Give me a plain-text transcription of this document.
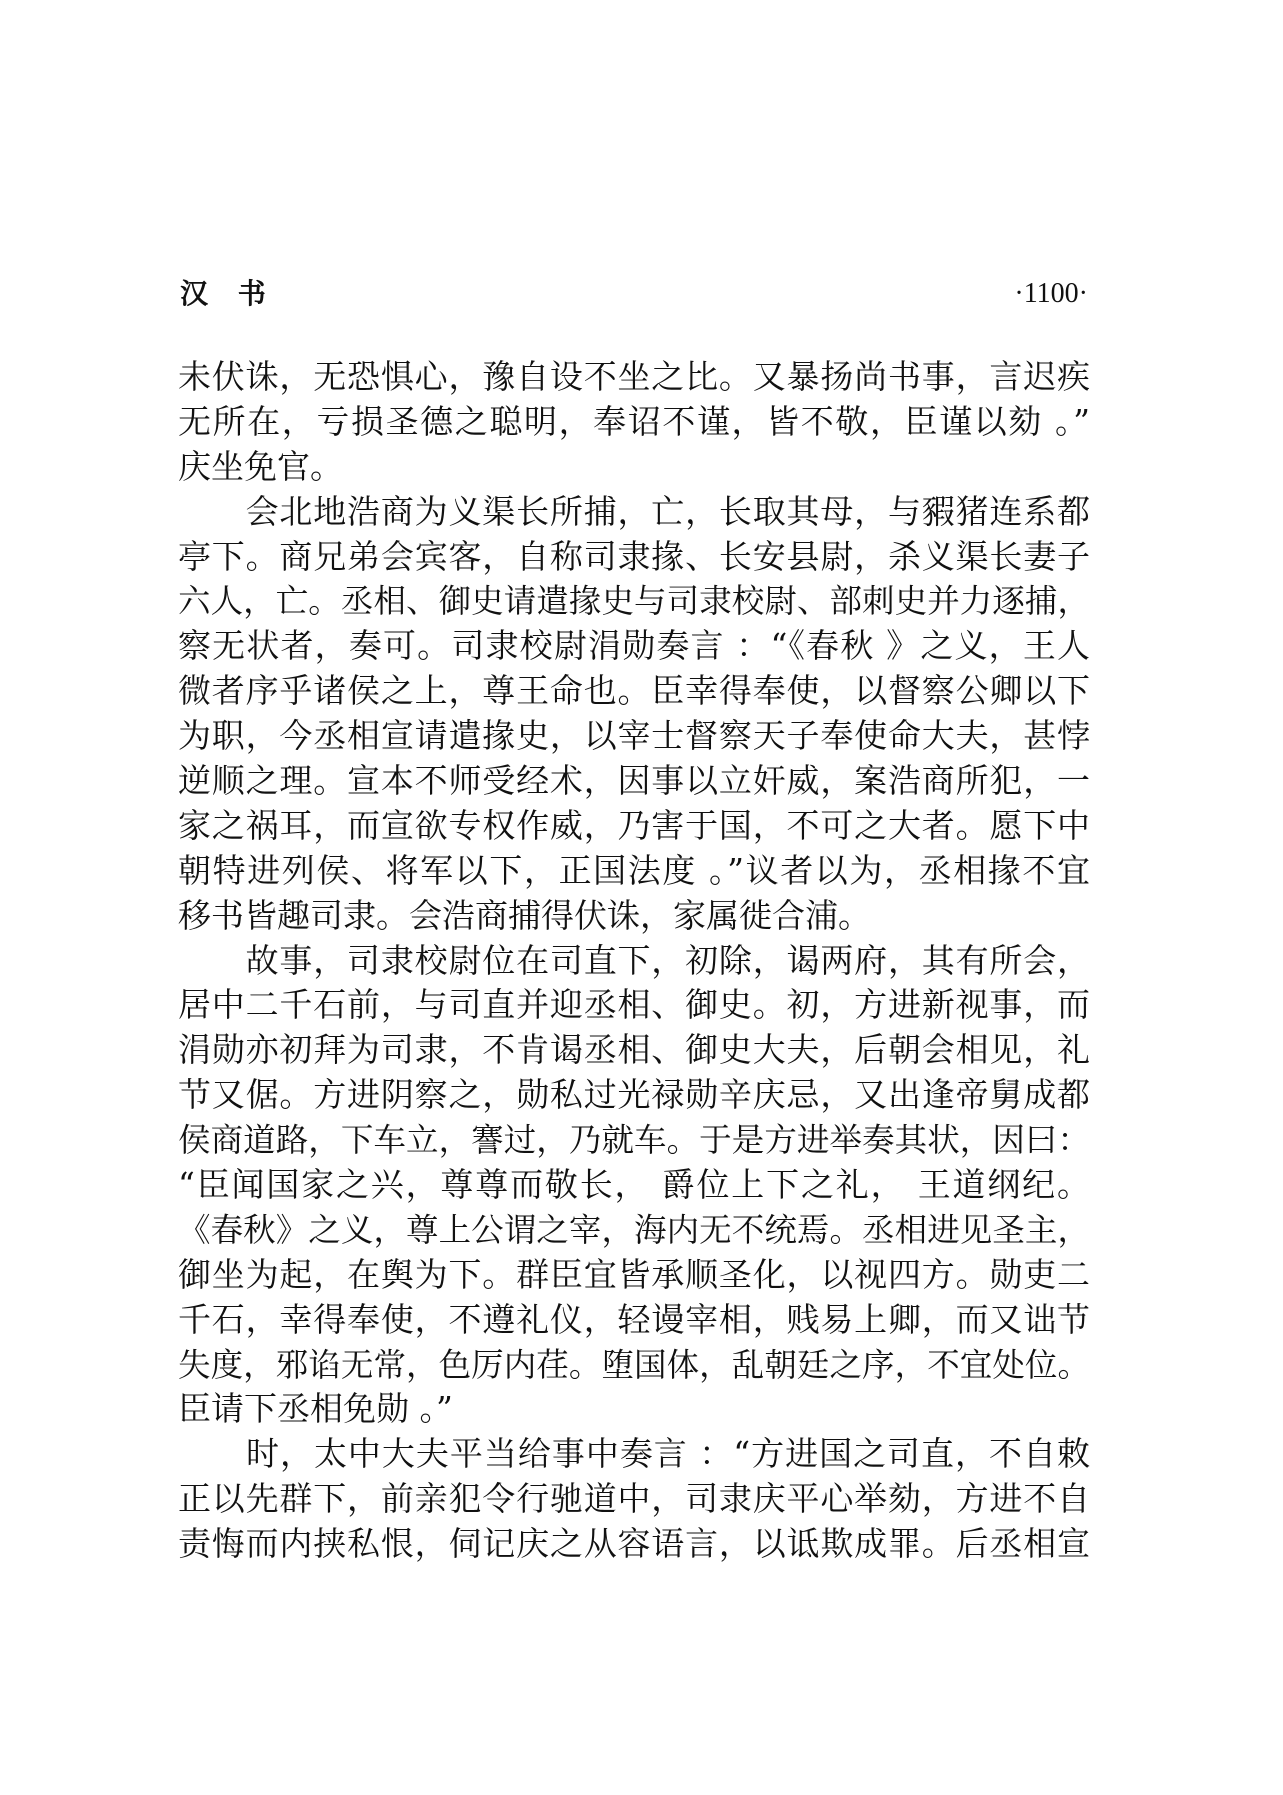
汉 书	·1100·
未伏诛，无恐惧心，豫自设不坐之比。又暴扬尚书事，言迟疾
无所在，亏损圣德之聪明，奉诏不谨，皆不敬，臣谨以劾 。”
庆坐免官。
　　会北地浩商为义渠长所捕，亡，长取其母，与豭猪连系都
亭下。商兄弟会宾客，自称司隶掾、长安县尉，杀义渠长妻子
六人，亡。丞相、御史请遣掾史与司隶校尉、部刺史并力逐捕，
察无状者，奏可。司隶校尉涓勋奏言 ：“《春秋 》之义，王人
微者序乎诸侯之上，尊王命也。臣幸得奉使，以督察公卿以下
为职，今丞相宣请遣掾史，以宰士督察天子奉使命大夫，甚悖
逆顺之理。宣本不师受经术，因事以立奸威，案浩商所犯，一
家之祸耳，而宣欲专权作威，乃害于国，不可之大者。愿下中
朝特进列侯、将军以下，正国法度 。”议者以为，丞相掾不宜
移书皆趣司隶。会浩商捕得伏诛，家属徙合浦。
　　故事，司隶校尉位在司直下，初除，谒两府，其有所会，
居中二千石前，与司直并迎丞相、御史。初，方进新视事，而
涓勋亦初拜为司隶，不肯谒丞相、御史大夫，后朝会相见，礼
节又倨。方进阴察之，勋私过光禄勋辛庆忌，又出逢帝舅成都
侯商道路，下车立，謇过，乃就车。于是方进举奏其状，因曰：
“臣闻国家之兴，尊尊而敬长， 爵位上下之礼， 王道纲纪。
《春秋》之义，尊上公谓之宰，海内无不统焉。丞相进见圣主，
御坐为起，在舆为下。群臣宜皆承顺圣化，以视四方。勋吏二
千石，幸得奉使，不遵礼仪，轻谩宰相，贱易上卿，而又诎节
失度，邪谄无常，色厉内荏。堕国体，乱朝廷之序，不宜处位。
臣请下丞相免勋 。”
　　时，太中大夫平当给事中奏言 ：“方进国之司直，不自敕
正以先群下，前亲犯令行驰道中，司隶庆平心举劾，方进不自
责悔而内挟私恨，伺记庆之从容语言，以诋欺成罪。后丞相宣
